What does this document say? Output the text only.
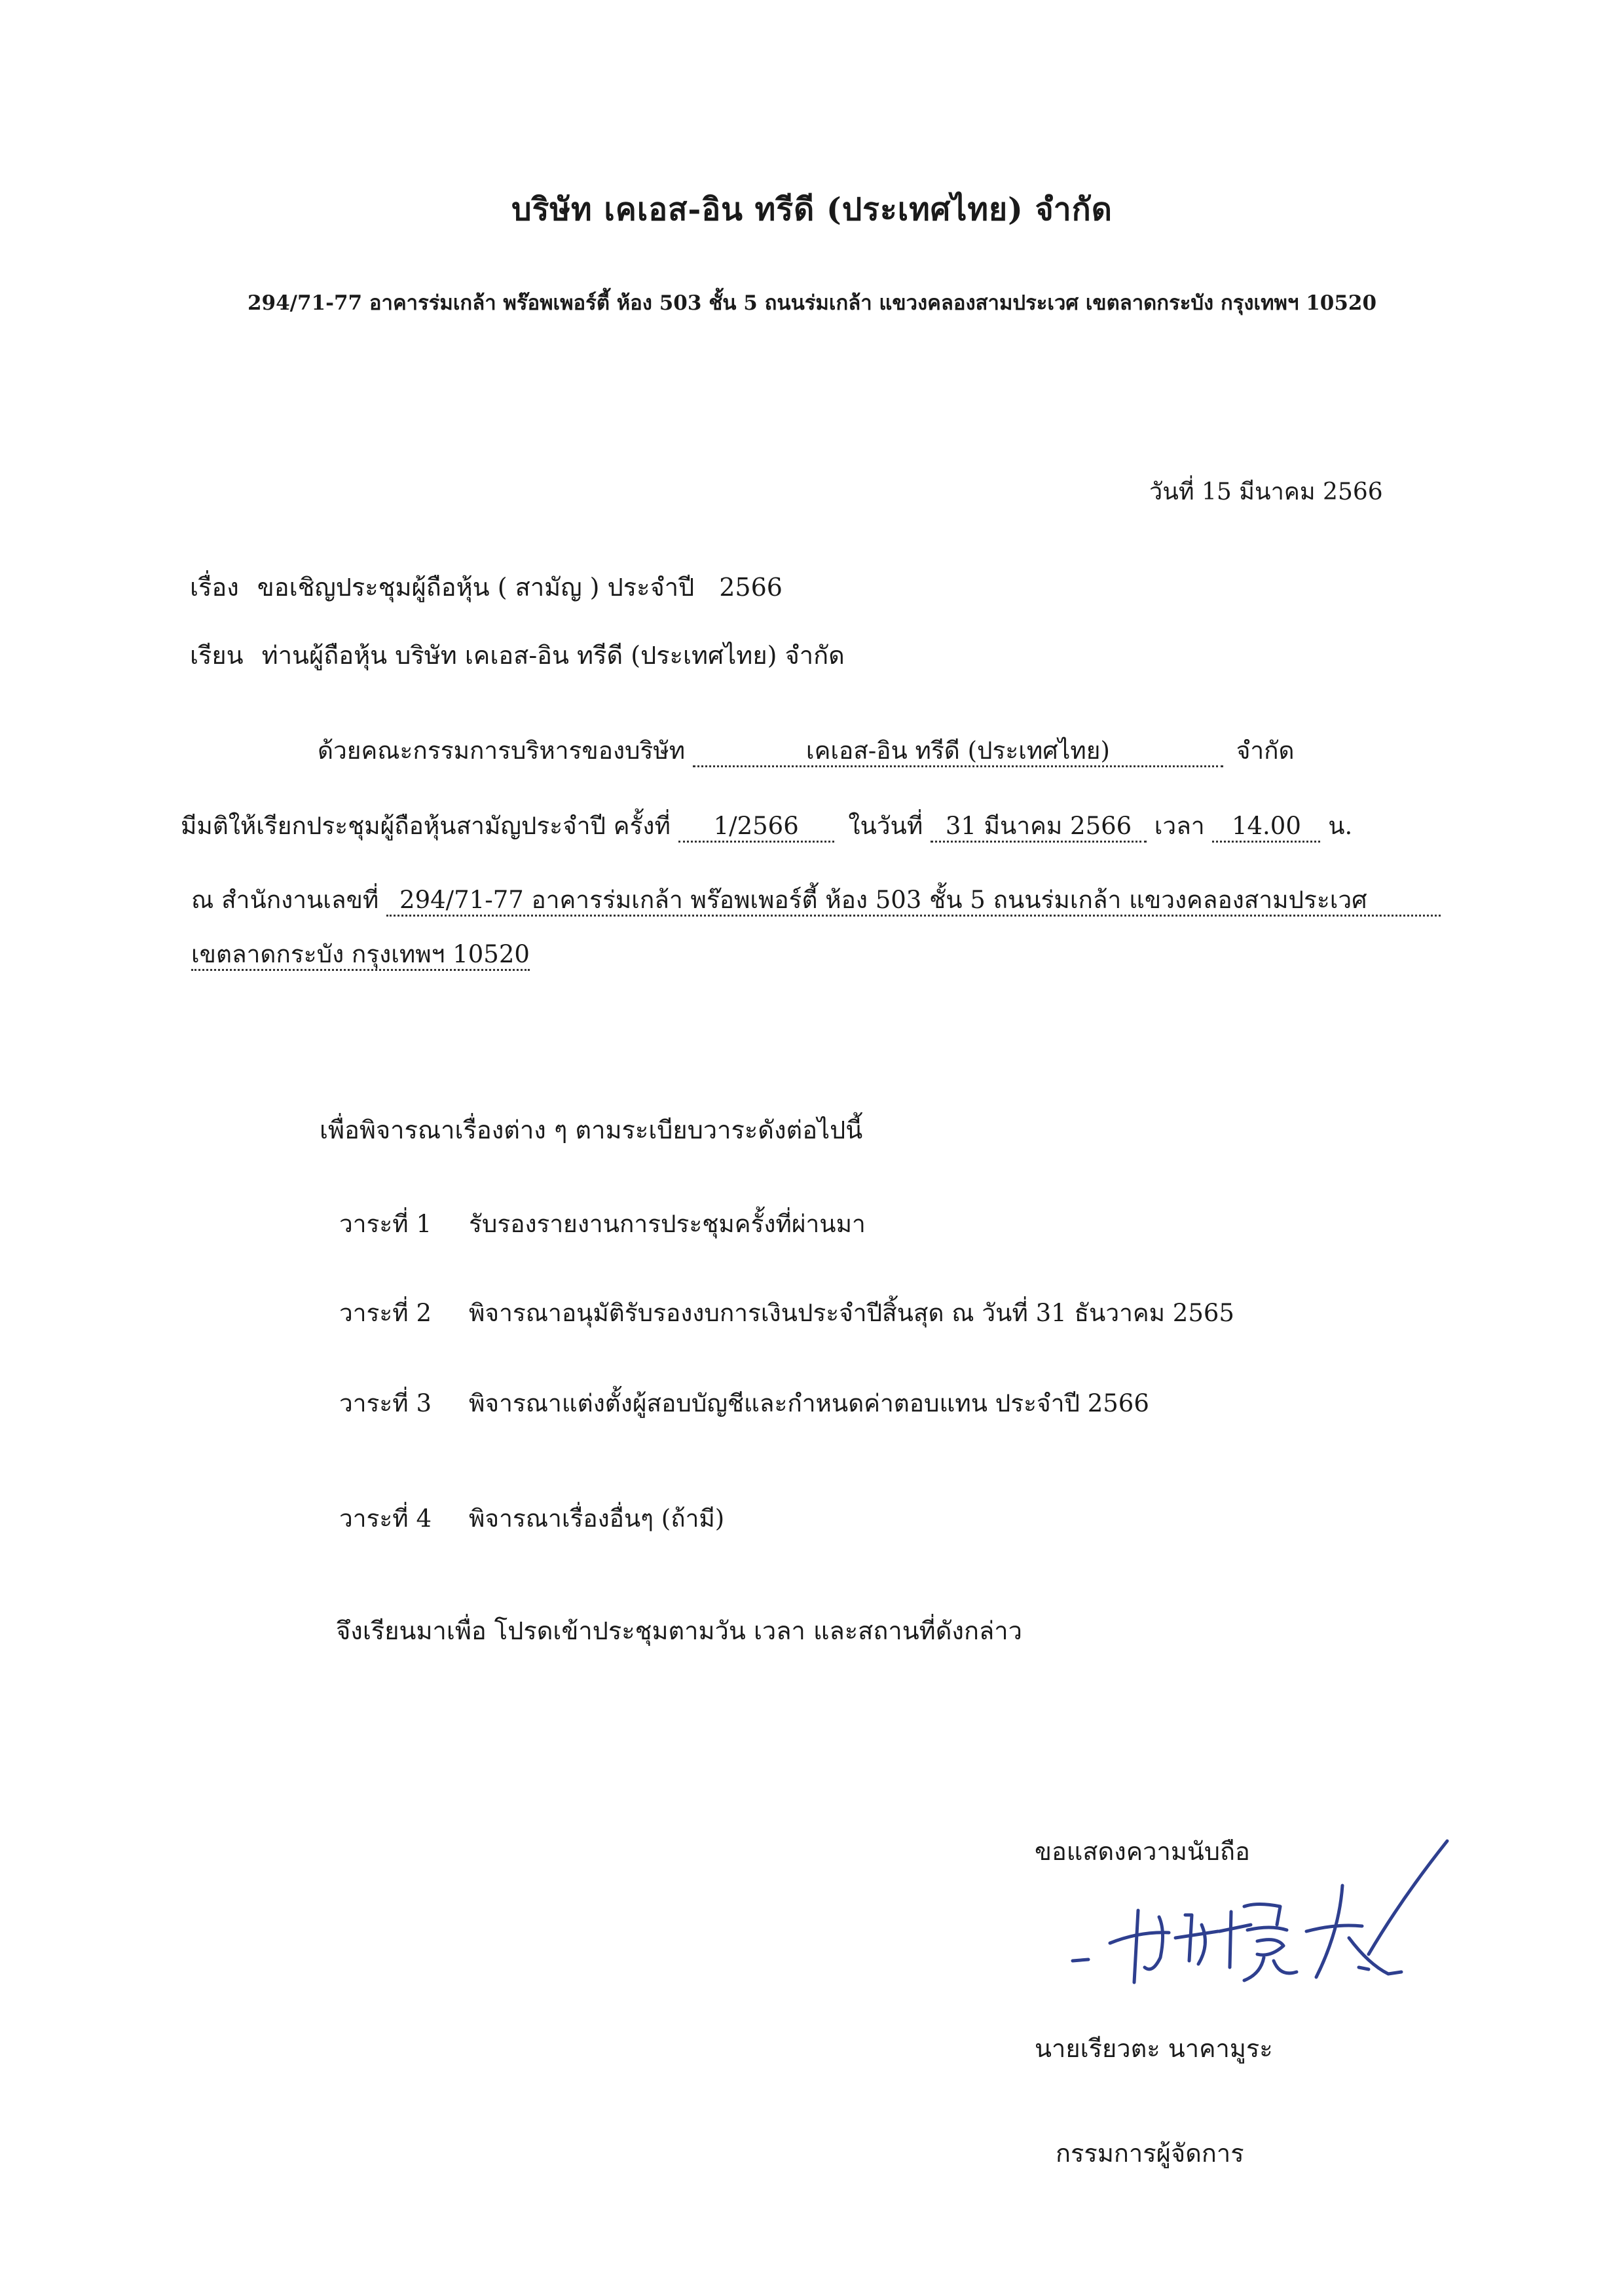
บริษัท เคเอส-อิน ทรีดี (ประเทศไทย) จำกัด
294/71-77 อาคารร่มเกล้า พร๊อพเพอร์ตี้ ห้อง 503 ชั้น 5 ถนนร่มเกล้า แขวงคลองสามประเวศ เขตลาดกระบัง กรุงเทพฯ 10520
วันที่ 15 มีนาคม 2566
เรื่อง ขอเชิญประชุมผู้ถือหุ้น ( สามัญ ) ประจำปี 2566
เรียน ท่านผู้ถือหุ้น บริษัท เคเอส-อิน ทรีดี (ประเทศไทย) จำกัด
ด้วยคณะกรรมการบริหารของบริษัท	เคเอส-อิน ทรีดี (ประเทศไทย)	จำกัด
มีมติให้เรียกประชุมผู้ถือหุ้นสามัญประจำปี ครั้งที่ 1/2566 ในวันที่ 31 มีนาคม 2566 เวลา 14.00 น.
ณ สำนักงานเลขที่ 294/71-77 อาคารร่มเกล้า พร๊อพเพอร์ตี้ ห้อง 503 ชั้น 5 ถนนร่มเกล้า แขวงคลองสามประเวศ
เขตลาดกระบัง กรุงเทพฯ 10520
เพื่อพิจารณาเรื่องต่าง ๆ ตามระเบียบวาระดังต่อไปนี้
วาระที่ 1 รับรองรายงานการประชุมครั้งที่ผ่านมา
วาระที่ 2 พิจารณาอนุมัติรับรองงบการเงินประจำปีสิ้นสุด ณ วันที่ 31 ธันวาคม 2565
วาระที่ 3 พิจารณาแต่งตั้งผู้สอบบัญชีและกำหนดค่าตอบแทน ประจำปี 2566
วาระที่ 4 พิจารณาเรื่องอื่นๆ (ถ้ามี)
จึงเรียนมาเพื่อ โปรดเข้าประชุมตามวัน เวลา และสถานที่ดังกล่าว
ขอแสดงความนับถือ
นายเรียวตะ นาคามูระ
กรรมการผู้จัดการ
